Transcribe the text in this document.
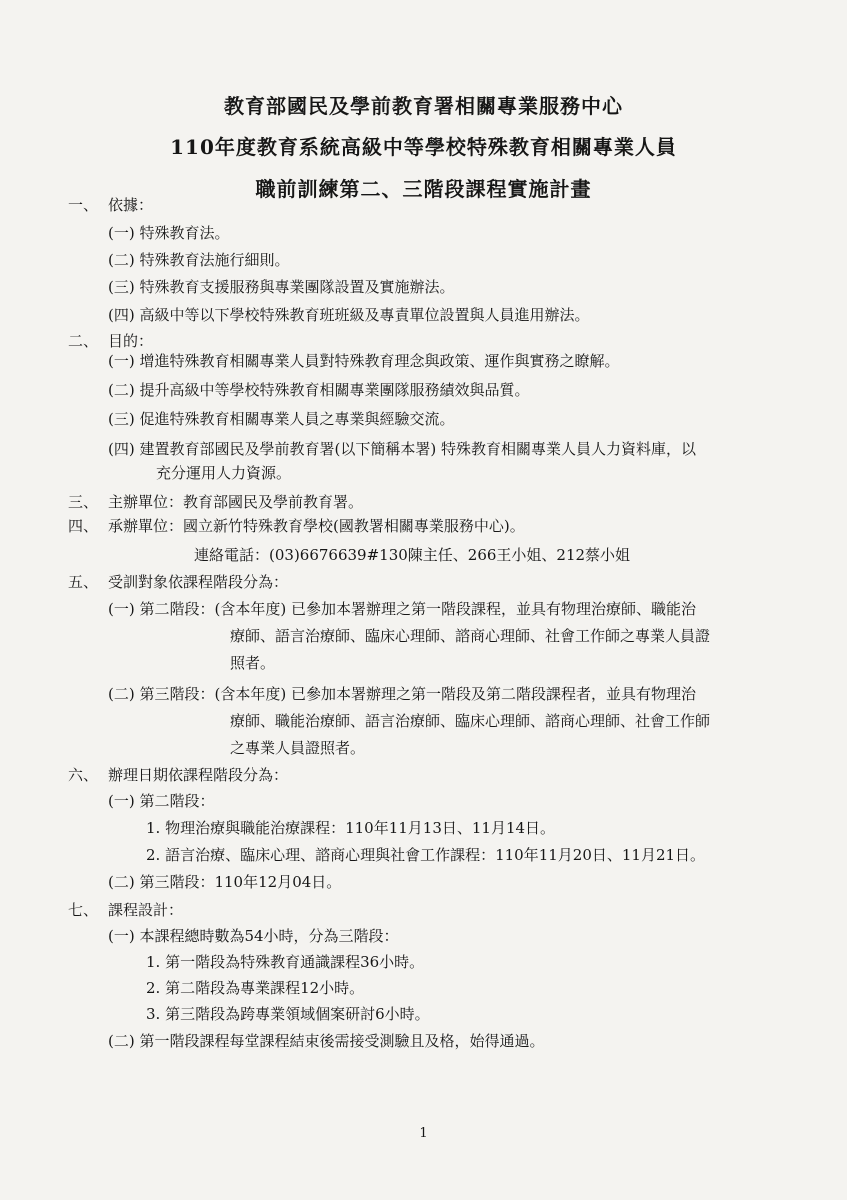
教育部國民及學前教育署相關專業服務中心
110年度教育系統高級中等學校特殊教育相關專業人員
職前訓練第二、三階段課程實施計畫
一、 依據：
(一) 特殊教育法。
(二) 特殊教育法施行細則。
(三) 特殊教育支援服務與專業團隊設置及實施辦法。
(四) 高級中等以下學校特殊教育班班級及專責單位設置與人員進用辦法。
二、 目的：
(一) 增進特殊教育相關專業人員對特殊教育理念與政策、運作與實務之瞭解。
(二) 提升高級中等學校特殊教育相關專業團隊服務績效與品質。
(三) 促進特殊教育相關專業人員之專業與經驗交流。
(四) 建置教育部國民及學前教育署(以下簡稱本署) 特殊教育相關專業人員人力資料庫，以
充分運用人力資源。
三、 主辦單位：教育部國民及學前教育署。
四、 承辦單位：國立新竹特殊教育學校(國教署相關專業服務中心)。
連絡電話：(03)6676639#130陳主任、266王小姐、212蔡小姐
五、 受訓對象依課程階段分為：
(一) 第二階段：(含本年度) 已參加本署辦理之第一階段課程，並具有物理治療師、職能治
療師、語言治療師、臨床心理師、諮商心理師、社會工作師之專業人員證
照者。
(二) 第三階段：(含本年度) 已參加本署辦理之第一階段及第二階段課程者，並具有物理治
療師、職能治療師、語言治療師、臨床心理師、諮商心理師、社會工作師
之專業人員證照者。
六、 辦理日期依課程階段分為：
(一) 第二階段：
1. 物理治療與職能治療課程：110年11月13日、11月14日。
2. 語言治療、臨床心理、諮商心理與社會工作課程：110年11月20日、11月21日。
(二) 第三階段：110年12月04日。
七、 課程設計：
(一) 本課程總時數為54小時，分為三階段：
1. 第一階段為特殊教育通識課程36小時。
2. 第二階段為專業課程12小時。
3. 第三階段為跨專業領域個案研討6小時。
(二) 第一階段課程每堂課程結束後需接受測驗且及格，始得通過。
1
